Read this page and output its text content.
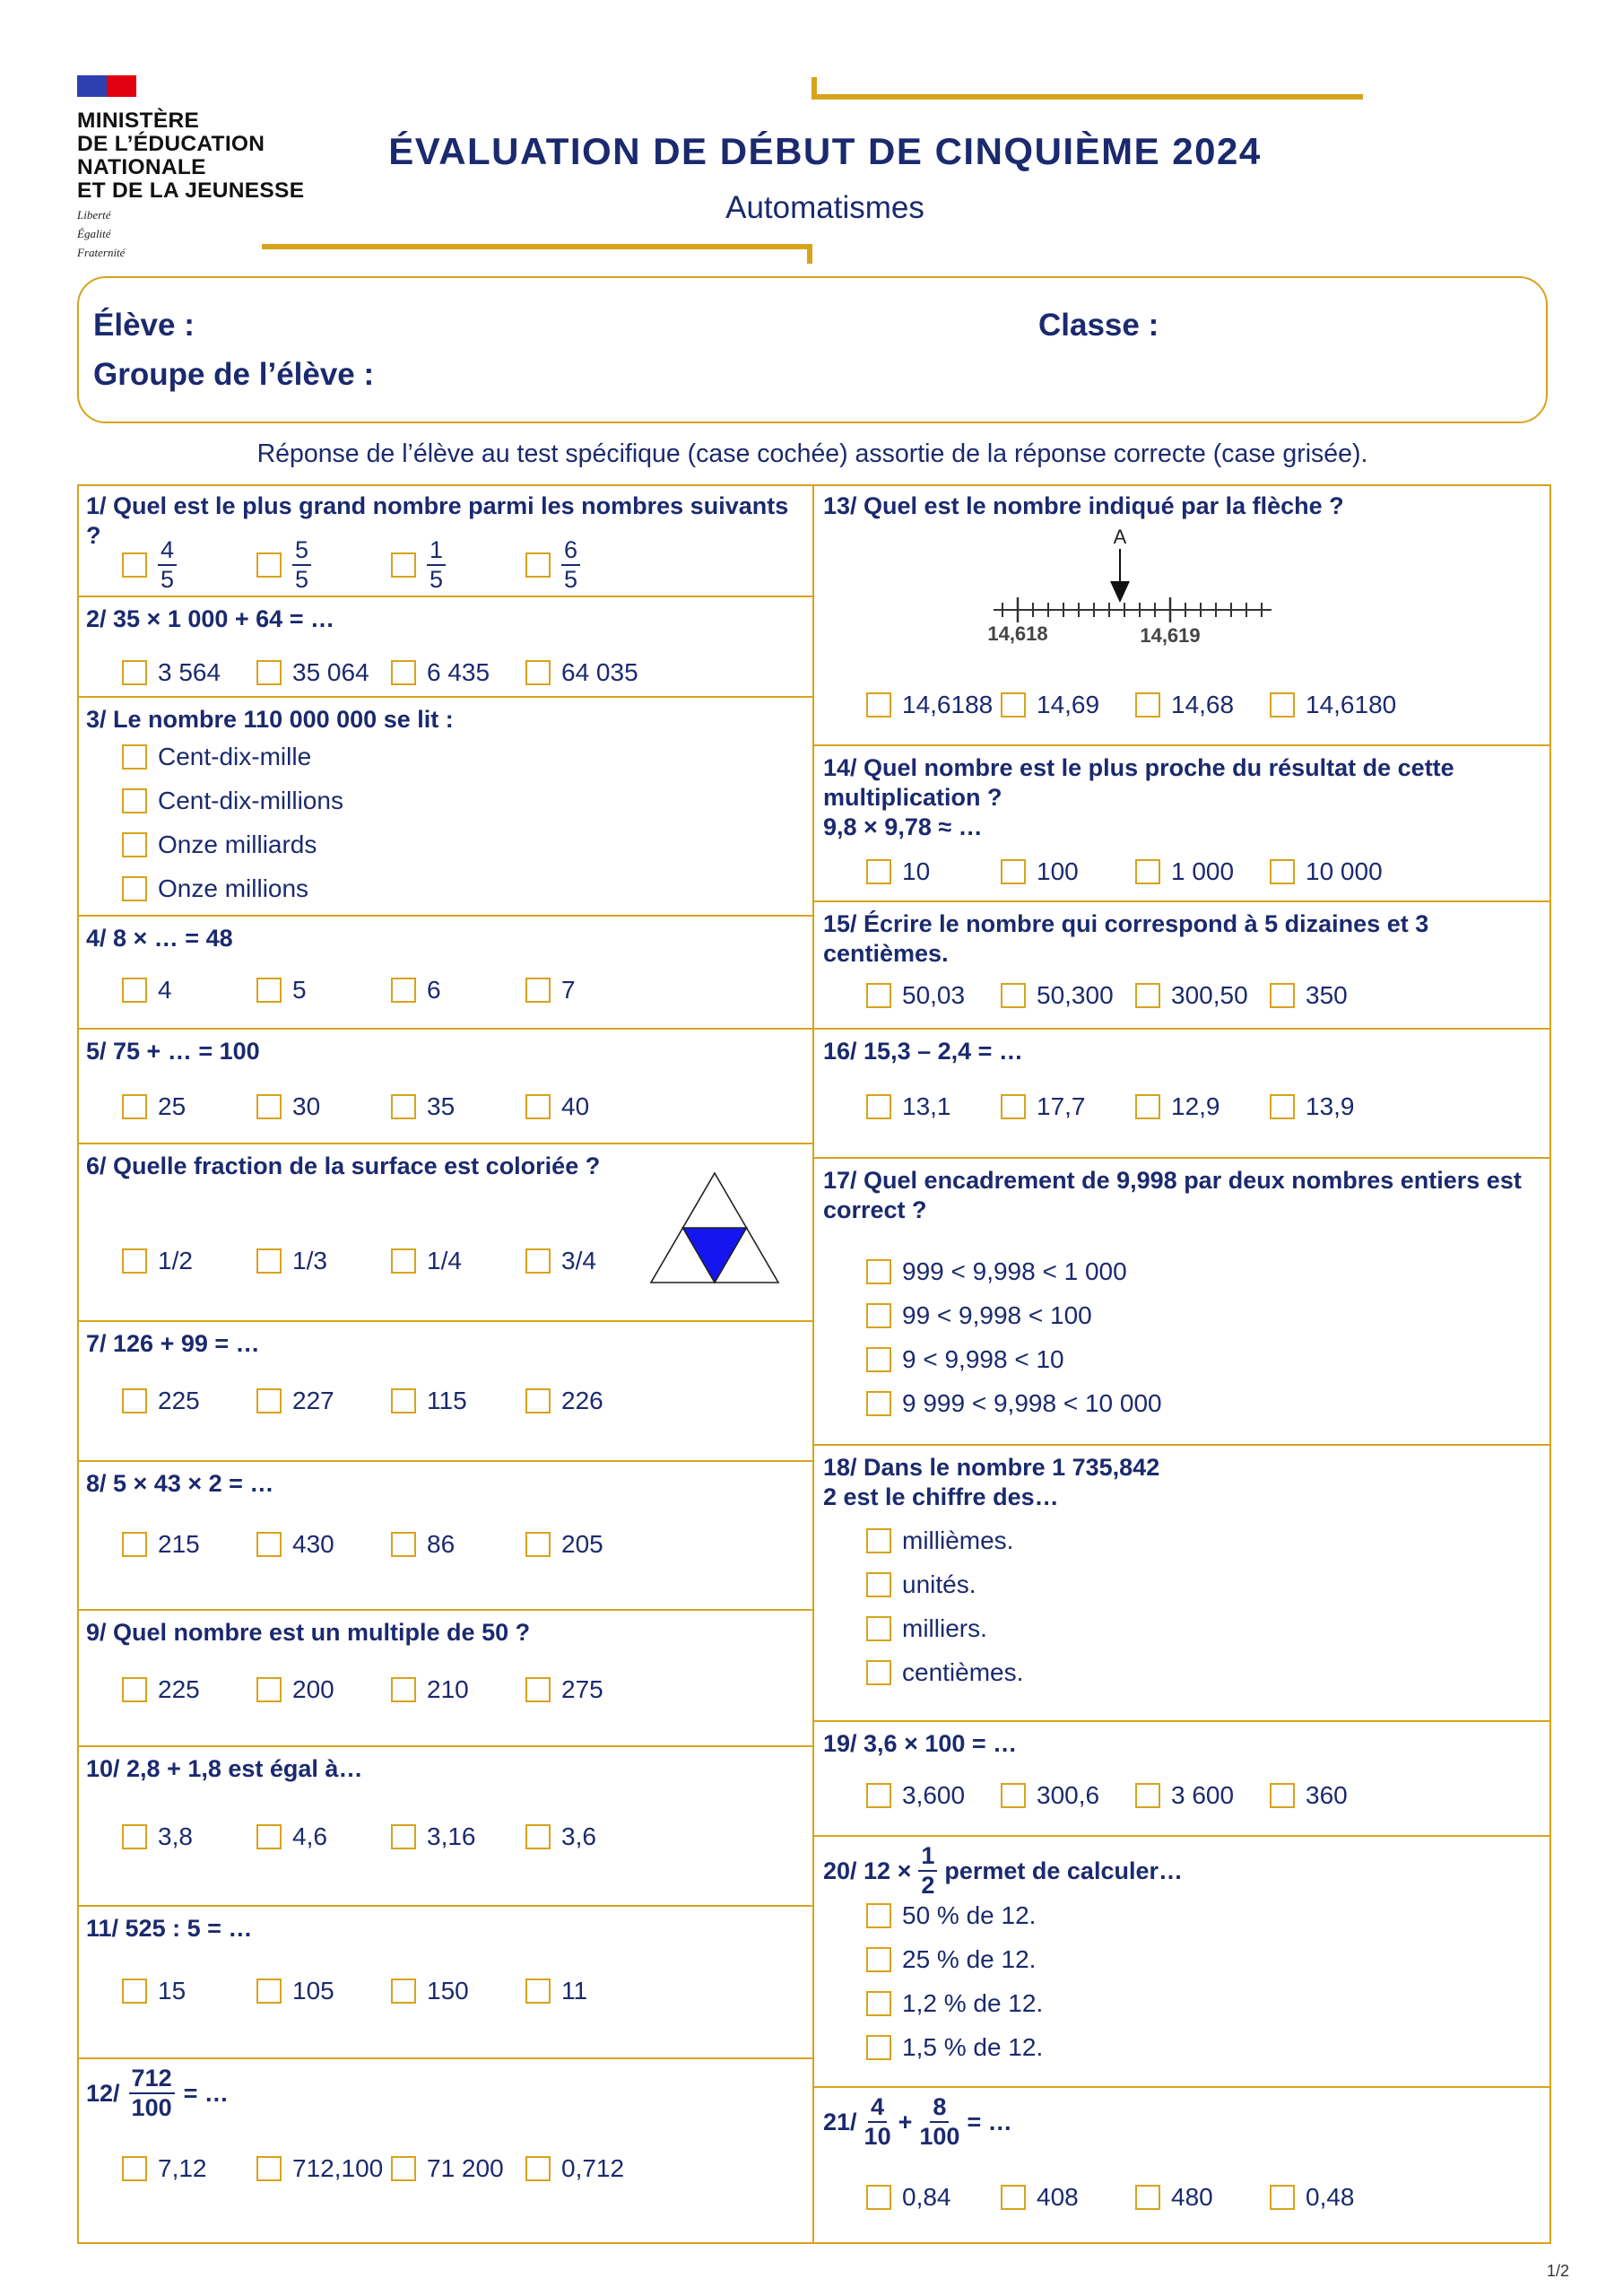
MINISTÈRE
DE L’ÉDUCATION
NATIONALE
ET DE LA JEUNESSE
Liberté
Égalité
Fraternité
ÉVALUATION DE DÉBUT DE CINQUIÈME 2024
Automatismes
Élève :	Classe :
Groupe de l’élève :
Réponse de l’élève au test spécifique (case cochée) assortie de la réponse correcte (case grisée).
1/ Quel est le plus grand nombre parmi les nombres suivants ?
$\frac{4}{5}$	$\frac{5}{5}$	$\frac{1}{5}$	$\frac{6}{5}$
2/ 35 × 1 000 + 64 = …
3 564	35 064 6 435	64 035
3/ Le nombre 110 000 000 se lit :
Cent-dix-mille
Cent-dix-millions
Onze milliards
Onze millions
4/ 8 × … = 48
4	5	6	7
5/ 75 + … = 100
25	30	35	40
6/ Quelle fraction de la surface est coloriée ?
1/2	1/3	1/4	3/4
7/ 126 + 99 = …
225	227	115	226
8/ 5 × 43 × 2 = …
215	430	86	205
9/ Quel nombre est un multiple de 50 ?
225	200	210	275
10/ 2,8 + 1,8 est égal à…
3,8	4,6	3,16	3,6
11/ 525 : 5 = …
15	105	150	11
$12/ \frac{712}{100}$ = …
7,12	712,100 71 200 0,712
13/ Quel est le nombre indiqué par la flèche ?
A
14,618	14,619
14,6188 14,69	14,68	14,6180
14/ Quel nombre est le plus proche du résultat de cette multiplication ?
9,8 × 9,78 ≈ …
10	100	1 000	10 000
15/ Écrire le nombre qui correspond à 5 dizaines et 3 centièmes.
50,03	50,300 300,50 350
16/ 15,3 – 2,4 = …
13,1	17,7	12,9	13,9
17/ Quel encadrement de 9,998 par deux nombres entiers est correct ?
999 < 9,998 < 1 000
99 < 9,998 < 100
9 < 9,998 < 10
9 999 < 9,998 < 10 000
18/ Dans le nombre 1 735,842
2 est le chiffre des…
millièmes.
unités.
milliers.
centièmes.
19/ 3,6 × 100 = …
3,600	300,6	3 600	360
20/ $12 \times \frac{1}{2}$ permet de calculer…
50 % de 12.
25 % de 12.
1,2 % de 12.
1,5 % de 12.
$21/ \frac{4}{10} + \frac{8}{100}$ = …
0,84	408	480	0,48
1/2
